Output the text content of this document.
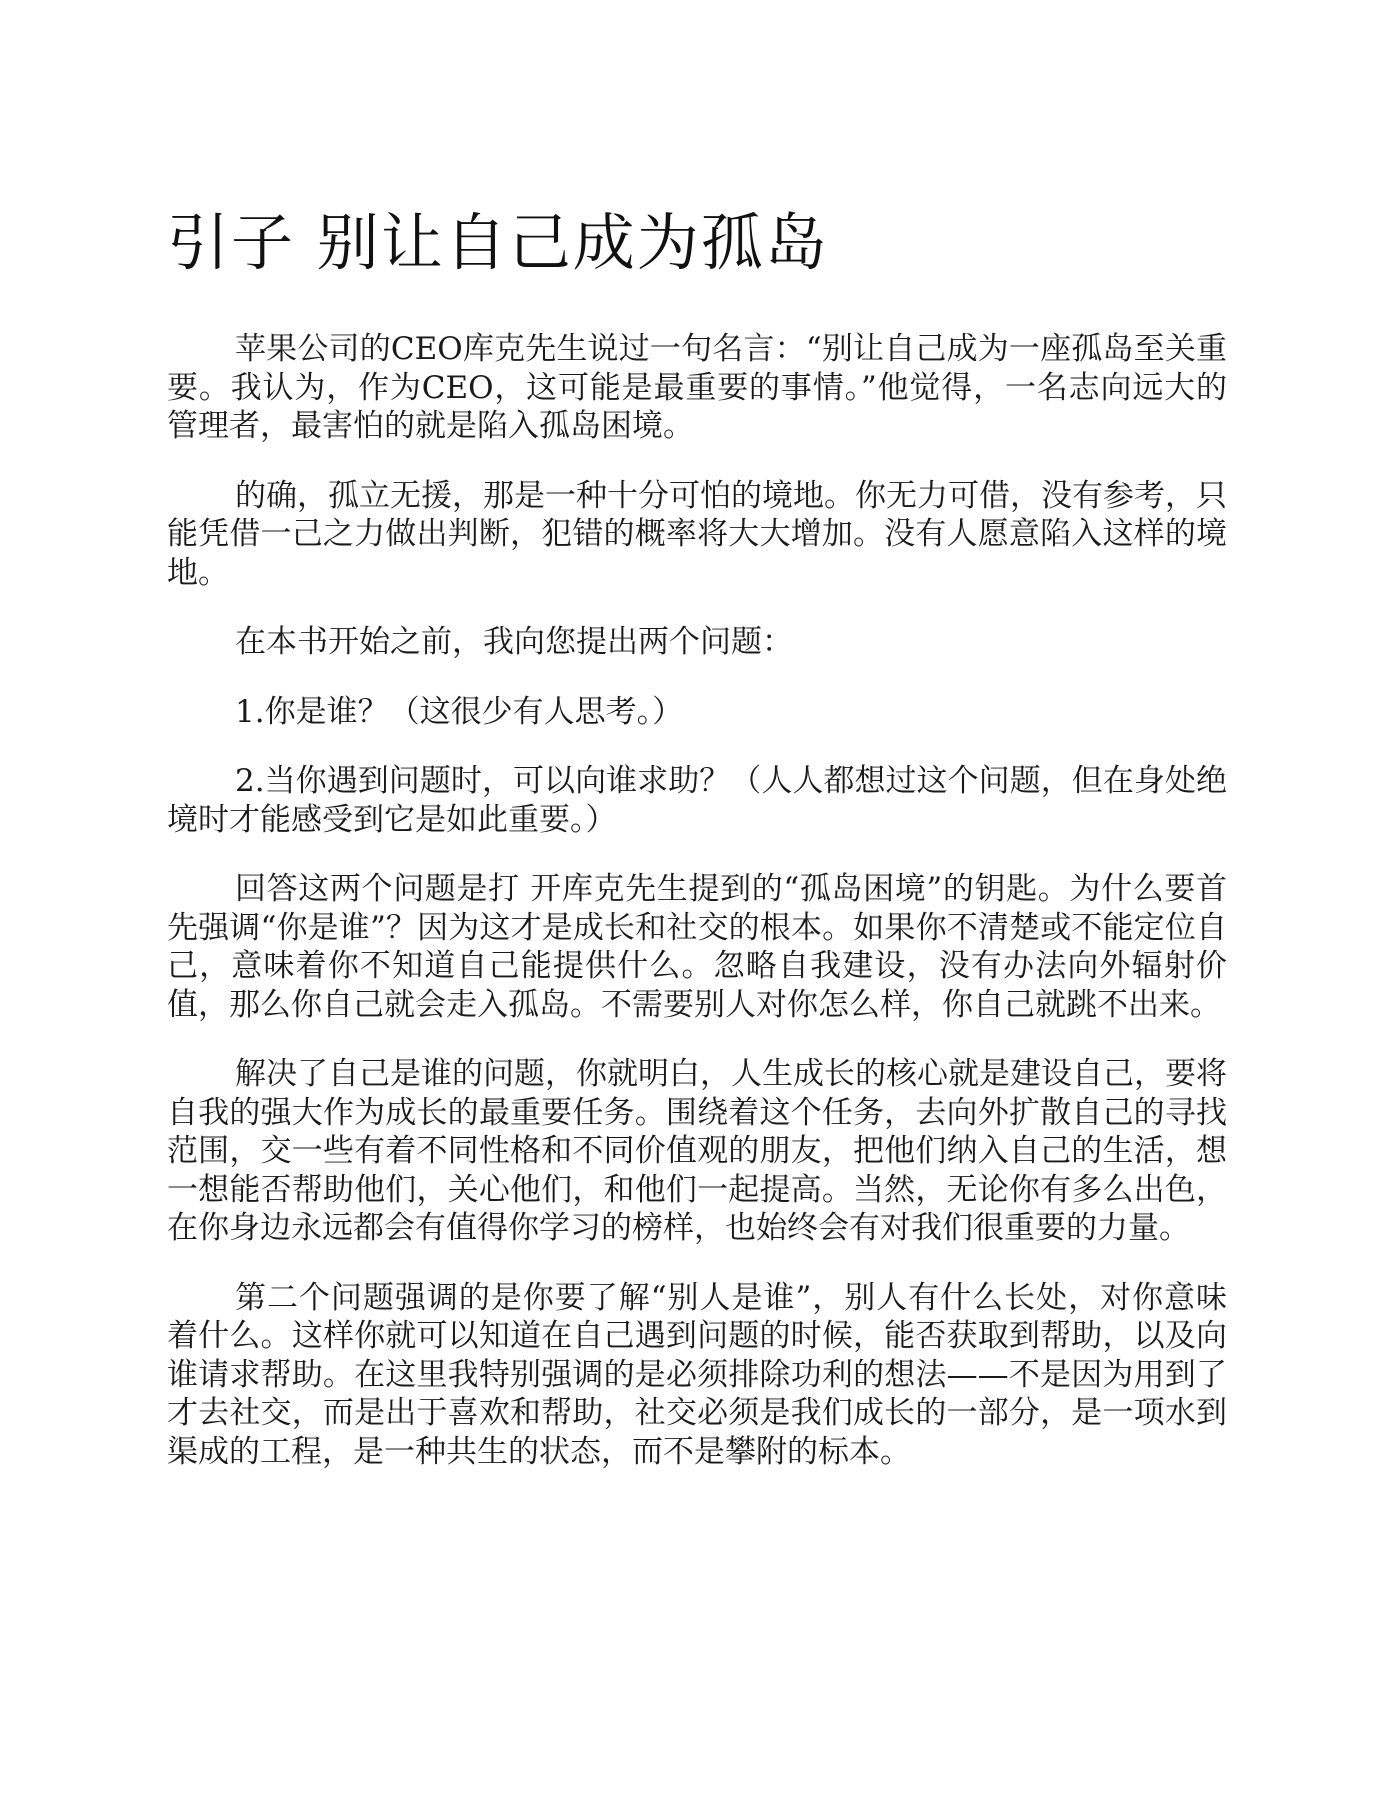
引子 别让自己成为孤岛

苹果公司的CEO库克先生说过一句名言：“别让自己成为一座孤岛至关重要。我认为，作为CEO，这可能是最重要的事情。”他觉得，一名志向远大的管理者，最害怕的就是陷入孤岛困境。

的确，孤立无援，那是一种十分可怕的境地。你无力可借，没有参考，只能凭借一己之力做出判断，犯错的概率将大大增加。没有人愿意陷入这样的境地。

在本书开始之前，我向您提出两个问题：

1.你是谁？（这很少有人思考。）

2.当你遇到问题时，可以向谁求助？（人人都想过这个问题，但在身处绝境时才能感受到它是如此重要。）

回答这两个问题是打 开库克先生提到的“孤岛困境”的钥匙。为什么要首先强调“你是谁”？因为这才是成长和社交的根本。如果你不清楚或不能定位自己，意味着你不知道自己能提供什么。忽略自我建设，没有办法向外辐射价值，那么你自己就会走入孤岛。不需要别人对你怎么样，你自己就跳不出来。

解决了自己是谁的问题，你就明白，人生成长的核心就是建设自己，要将自我的强大作为成长的最重要任务。围绕着这个任务，去向外扩散自己的寻找范围，交一些有着不同性格和不同价值观的朋友，把他们纳入自己的生活，想一想能否帮助他们，关心他们，和他们一起提高。当然，无论你有多么出色，在你身边永远都会有值得你学习的榜样，也始终会有对我们很重要的力量。

第二个问题强调的是你要了解“别人是谁”，别人有什么长处，对你意味着什么。这样你就可以知道在自己遇到问题的时候，能否获取到帮助，以及向谁请求帮助。在这里我特别强调的是必须排除功利的想法——不是因为用到了才去社交，而是出于喜欢和帮助，社交必须是我们成长的一部分，是一项水到渠成的工程，是一种共生的状态，而不是攀附的标本。
